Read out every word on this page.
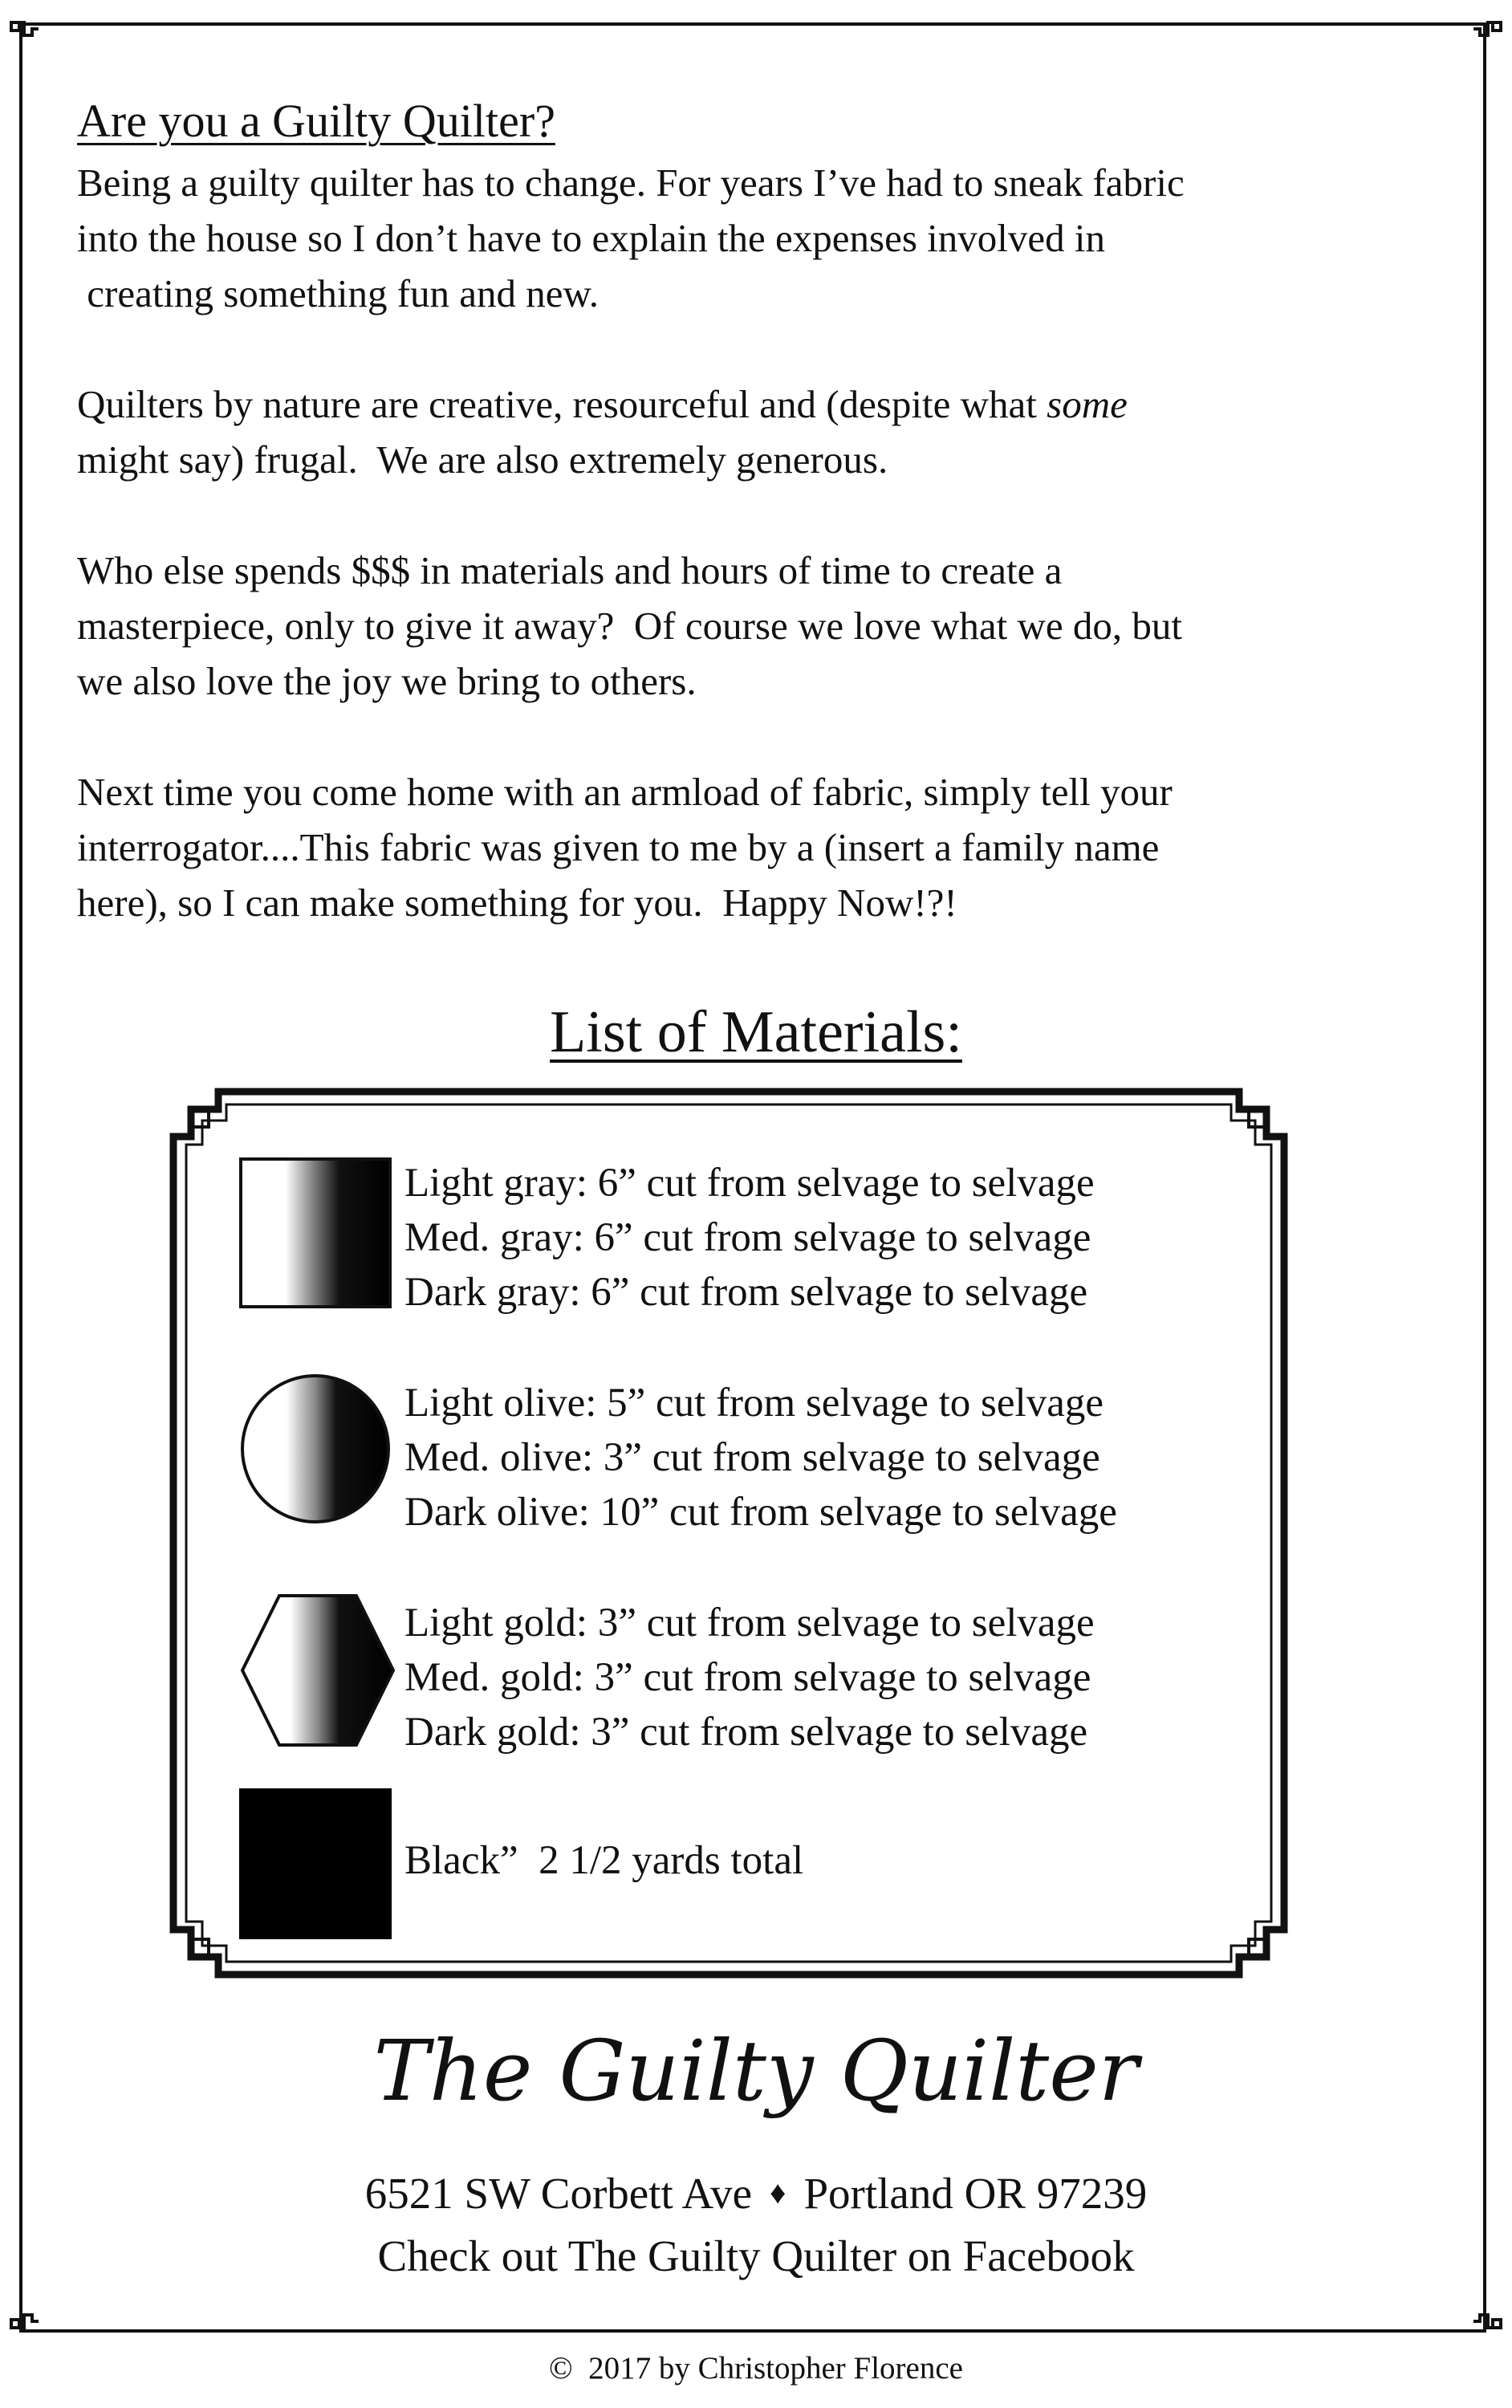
Are you a Guilty Quilter?
Being a guilty quilter has to change. For years I’ve had to sneak fabric
into the house so I don’t have to explain the expenses involved in
creating something fun and new.
Quilters by nature are creative, resourceful and (despite what some
might say) frugal.  We are also extremely generous.
Who else spends $$$ in materials and hours of time to create a
masterpiece, only to give it away?  Of course we love what we do, but
we also love the joy we bring to others.
Next time you come home with an armload of fabric, simply tell your
interrogator....This fabric was given to me by a (insert a family name
here), so I can make something for you.  Happy Now!?!
List of Materials:
Light gray: 6” cut from selvage to selvage
Med. gray: 6” cut from selvage to selvage
Dark gray: 6” cut from selvage to selvage
Light olive: 5” cut from selvage to selvage
Med. olive: 3” cut from selvage to selvage
Dark olive: 10” cut from selvage to selvage
Light gold: 3” cut from selvage to selvage
Med. gold: 3” cut from selvage to selvage
Dark gold: 3” cut from selvage to selvage
Black”  2 1/2 yards total
The Guilty Quilter
6521 SW Corbett Ave ♦ Portland OR 97239
Check out The Guilty Quilter on Facebook
©  2017 by Christopher Florence
